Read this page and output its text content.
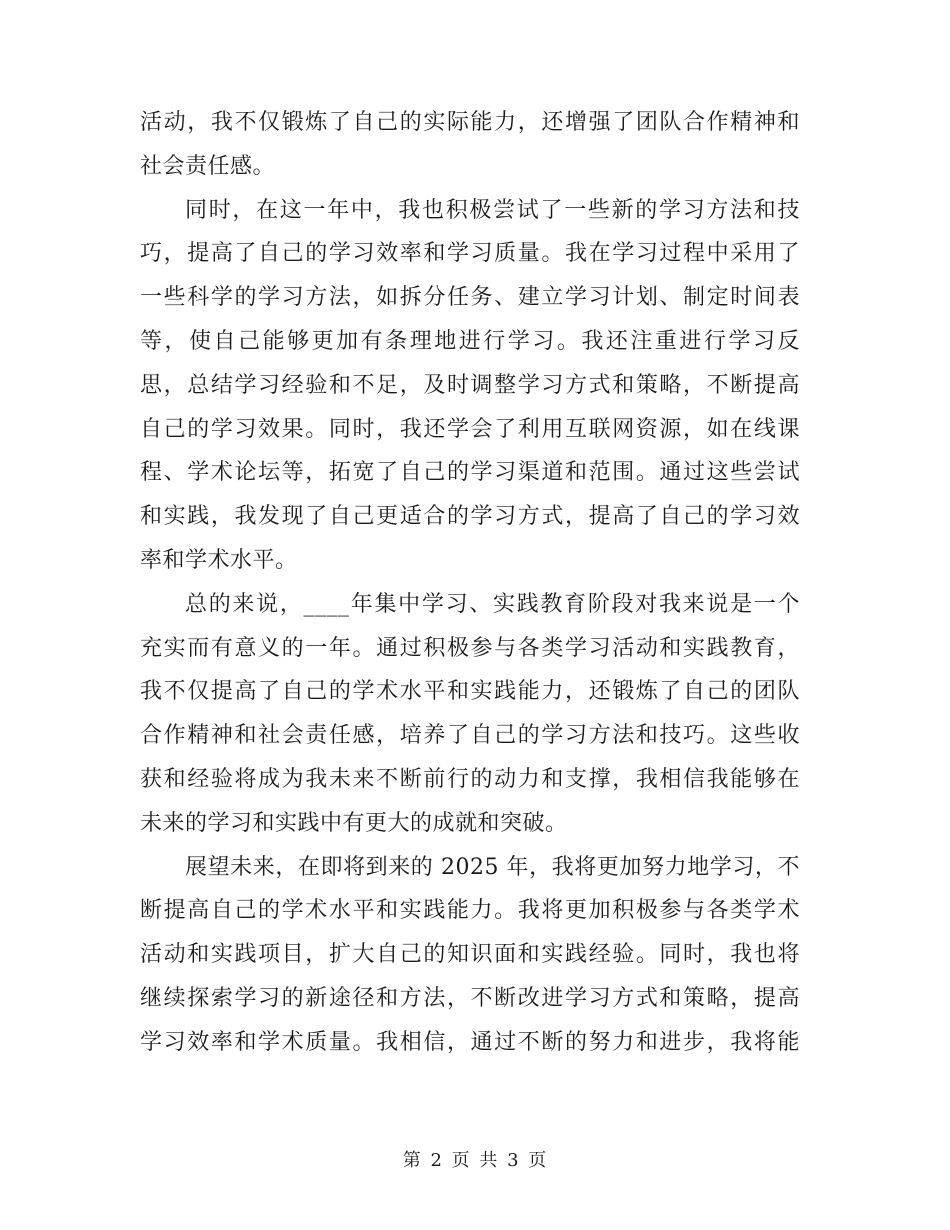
活动，我不仅锻炼了自己的实际能力，还增强了团队合作精神和
社会责任感。
同时，在这一年中，我也积极尝试了一些新的学习方法和技
巧，提高了自己的学习效率和学习质量。我在学习过程中采用了
一些科学的学习方法，如拆分任务、建立学习计划、制定时间表
等，使自己能够更加有条理地进行学习。我还注重进行学习反
思，总结学习经验和不足，及时调整学习方式和策略，不断提高
自己的学习效果。同时，我还学会了利用互联网资源，如在线课
程、学术论坛等，拓宽了自己的学习渠道和范围。通过这些尝试
和实践，我发现了自己更适合的学习方式，提高了自己的学习效
率和学术水平。
总的来说，____年集中学习、实践教育阶段对我来说是一个
充实而有意义的一年。通过积极参与各类学习活动和实践教育，
我不仅提高了自己的学术水平和实践能力，还锻炼了自己的团队
合作精神和社会责任感，培养了自己的学习方法和技巧。这些收
获和经验将成为我未来不断前行的动力和支撑，我相信我能够在
未来的学习和实践中有更大的成就和突破。
展望未来，在即将到来的 2025 年，我将更加努力地学习，不
断提高自己的学术水平和实践能力。我将更加积极参与各类学术
活动和实践项目，扩大自己的知识面和实践经验。同时，我也将
继续探索学习的新途径和方法，不断改进学习方式和策略，提高
学习效率和学术质量。我相信，通过不断的努力和进步，我将能
第 2 页 共 3 页
